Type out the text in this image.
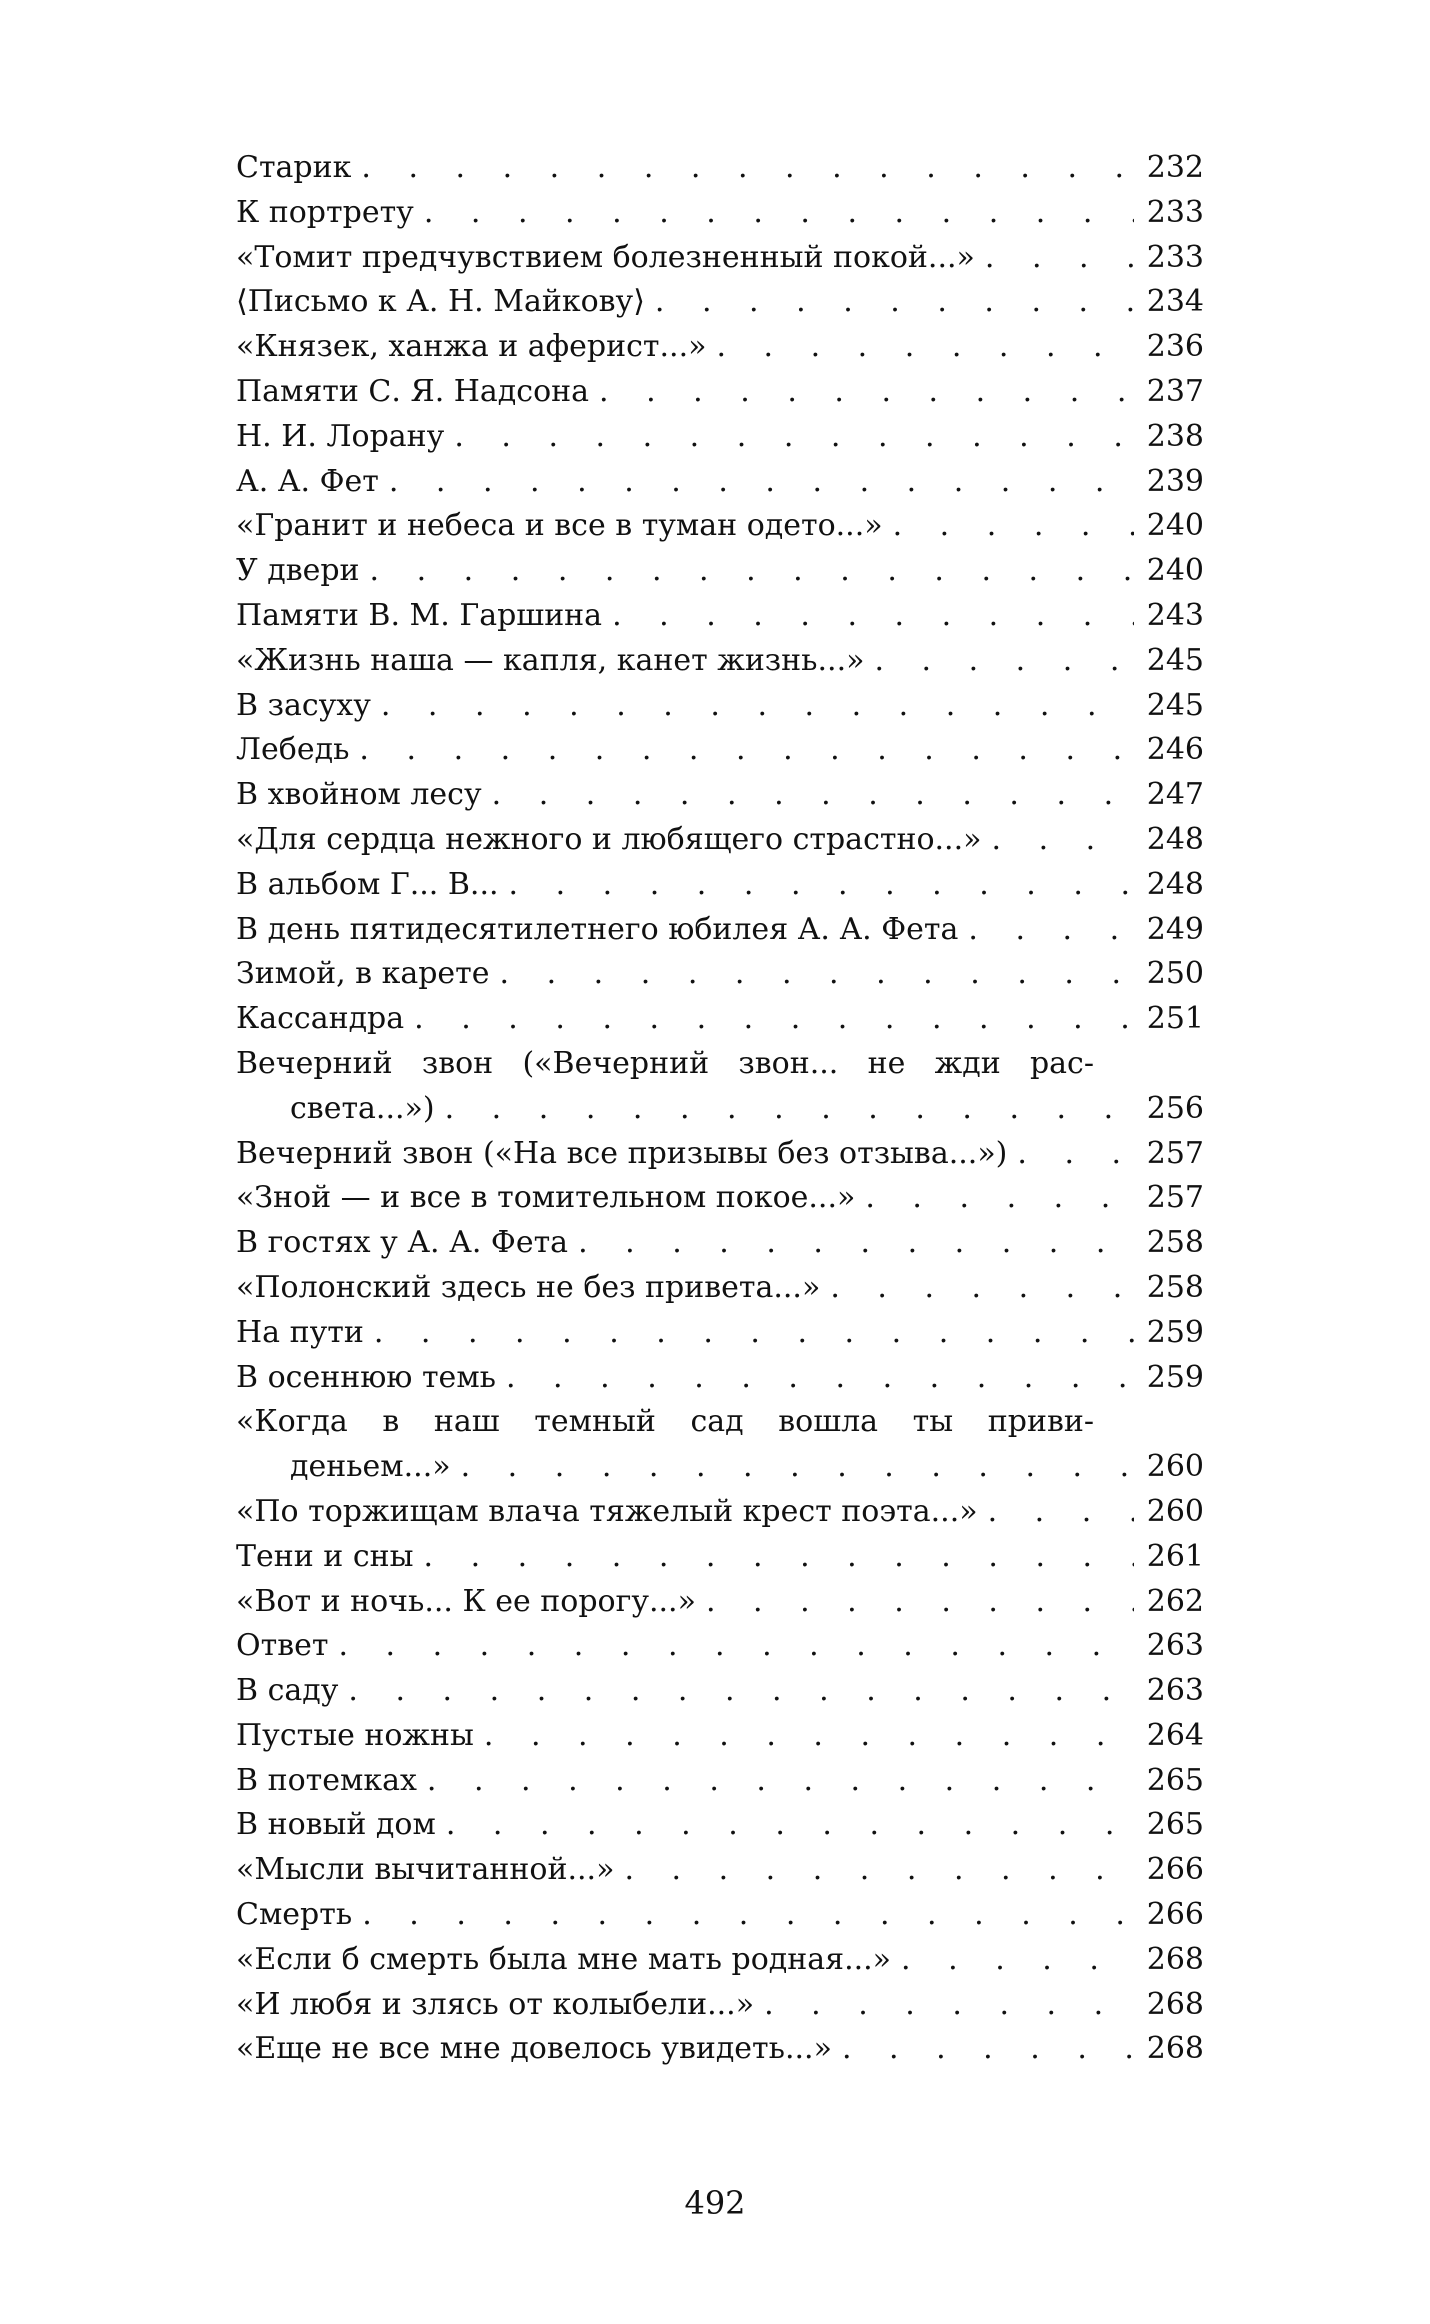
Старик . . .	232
К портрету . . .	233
«Томит предчувствием болезненный покой...» . . .	233
⟨Письмо к А. Н. Майкову⟩ . . .	234
«Князек, ханжа и аферист...» . . .	236
Памяти С. Я. Надсона . . .	237
Н. И. Лорану . . .	238
А. А. Фет . . .	239
«Гранит и небеса и все в туман одето...» . . .	240
У двери . . .	240
Памяти В. М. Гаршина . . .	243
«Жизнь наша — капля, канет жизнь...» . . .	245
В засуху . . .	245
Лебедь . . .	246
В хвойном лесу . . .	247
«Для сердца нежного и любящего страстно...» . . .	248
В альбом Г... В... . . .	248
В день пятидесятилетнего юбилея А. А. Фета . . .	249
Зимой, в карете . . .	250
Кассандра . . .	251
Вечерний звон («Вечерний звон... не жди рас-
света...») . . .	256
Вечерний звон («На все призывы без отзыва...») . . .	257
«Зной — и все в томительном покое...» . . .	257
В гостях у А. А. Фета . . .	258
«Полонский здесь не без привета...» . . .	258
На пути . . .	259
В осеннюю темь . . .	259
«Когда в наш темный сад вошла ты приви-
деньем...» . . .	260
«По торжищам влача тяжелый крест поэта...» . . .	260
Тени и сны . . .	261
«Вот и ночь... К ее порогу...» . . .	262
Ответ . . .	263
В саду . . .	263
Пустые ножны . . .	264
В потемках . . .	265
В новый дом . . .	265
«Мысли вычитанной...» . . .	266
Смерть . . .	266
«Если б смерть была мне мать родная...» . . .	268
«И любя и злясь от колыбели...» . . .	268
«Еще не все мне довелось увидеть...» . . .	268
492
